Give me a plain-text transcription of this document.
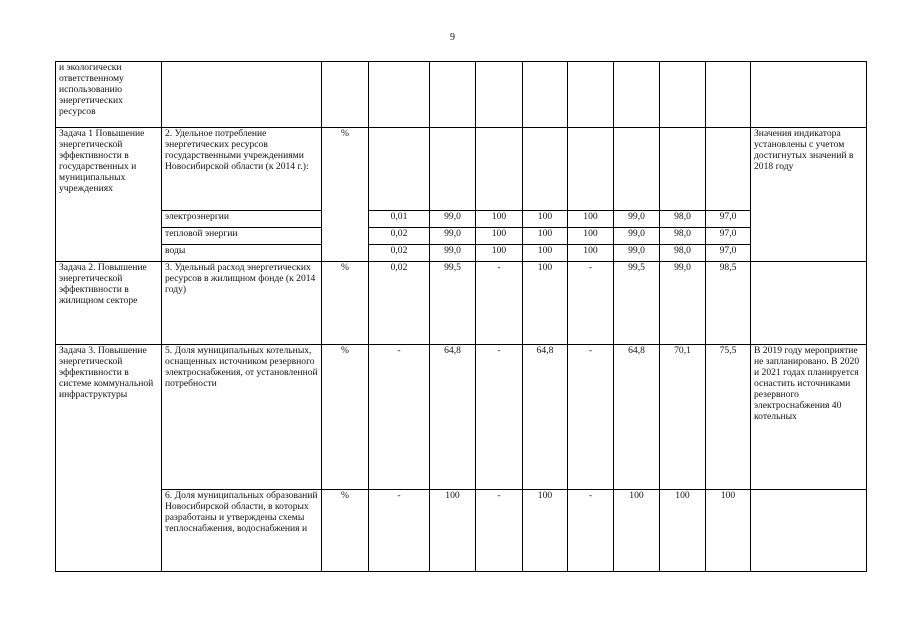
9
и экологически ответственному использованию энергетических ресурсов											
Задача 1 Повышение энергетической эффективности в государственных и муниципальных учреждениях	2. Удельное потребление энергетических ресурсов государственными учреждениями Новосибирской области (к 2014 г.):	%									Значения индикатора установлены с учетом достигнутых значений в 2018 году
	электроэнергии		0,01	99,0	100	100	100	99,0	98,0	97,0	
	тепловой энергии		0,02	99,0	100	100	100	99,0	98,0	97,0	
	воды		0,02	99,0	100	100	100	99,0	98,0	97,0	
Задача 2. Повышение энергетической эффективности в жилищном секторе	3. Удельный расход энергетических ресурсов в жилищном фонде (к 2014 году)	%	0,02	99,5	-	100	-	99,5	99,0	98,5	
Задача 3. Повышение энергетической эффективности в системе коммунальной инфраструктуры	5. Доля муниципальных котельных, оснащенных источником резервного электроснабжения, от установленной потребности	%	-	64,8	-	64,8	-	64,8	70,1	75,5	В 2019 году мероприятие не запланировано. В 2020 и 2021 годах планируется оснастить источниками резервного электроснабжения 40 котельных
	6. Доля муниципальных образований Новосибирской области, в которых разработаны и утверждены схемы теплоснабжения, водоснабжения и	%	-	100	-	100	-	100	100	100	
